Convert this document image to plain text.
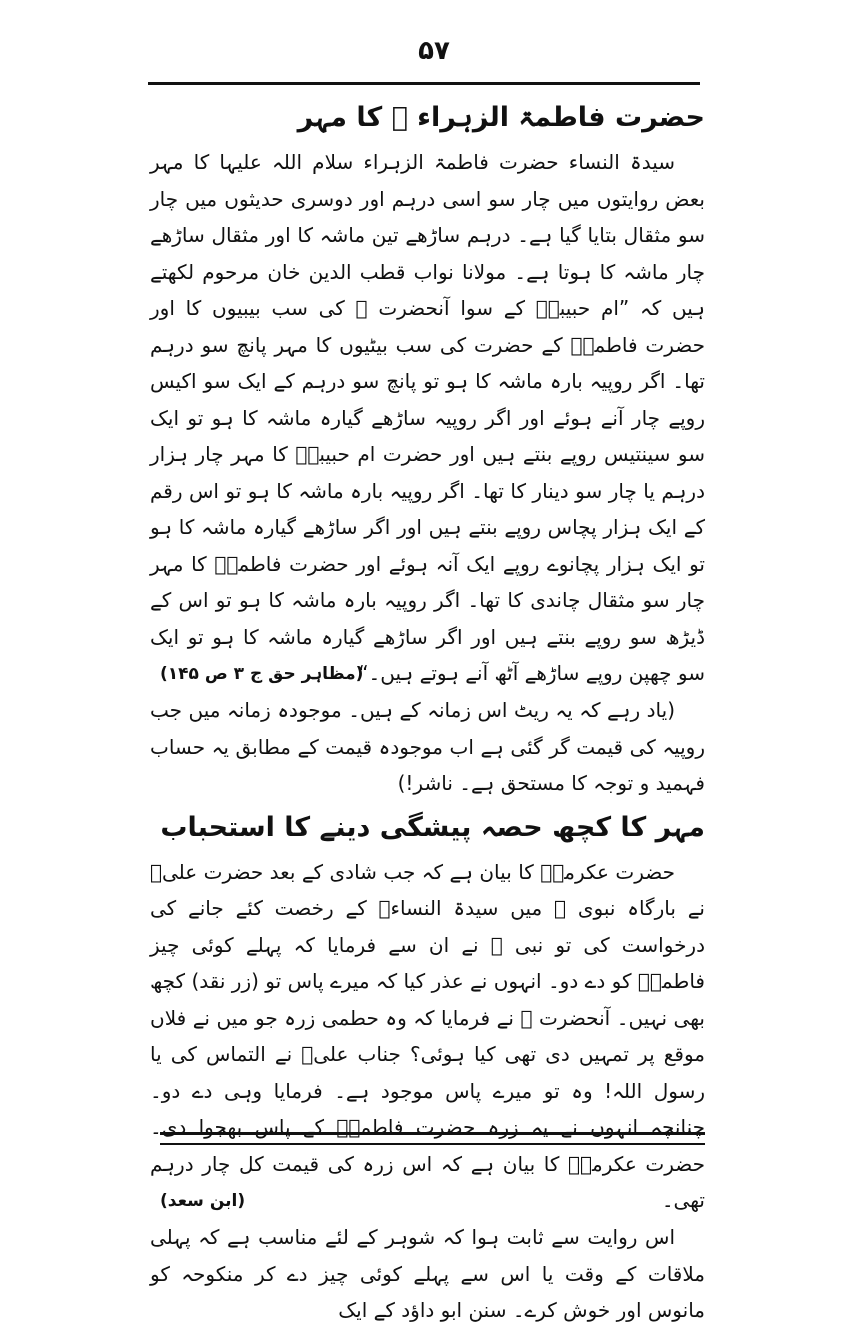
۵۷
حضرت فاطمۃ الزہراء ﷞ کا مہر

سیدۃ النساء حضرت فاطمۃ الزہراء سلام اللہ علیہا کا مہر بعض روایتوں میں چار سو اسی درہم اور دوسری حدیثوں میں چار سو مثقال بتایا گیا ہے۔ درہم ساڑھے تین ماشہ کا اور مثقال ساڑھے چار ماشہ کا ہوتا ہے۔ مولانا نواب قطب الدین خان مرحوم لکھتے ہیں کہ ”ام حبیبہؓ کے سوا آنحضرت ﷺ کی سب بیبیوں کا اور حضرت فاطمہؓ کے حضرت کی سب بیٹیوں کا مہر پانچ سو درہم تھا۔ اگر روپیہ بارہ ماشہ کا ہو تو پانچ سو درہم کے ایک سو اکیس روپے چار آنے ہوئے اور اگر روپیہ ساڑھے گیارہ ماشہ کا ہو تو ایک سو سینتیس روپے بنتے ہیں اور حضرت ام حبیبہؓ کا مہر چار ہزار درہم یا چار سو دینار کا تھا۔ اگر روپیہ بارہ ماشہ کا ہو تو اس رقم کے ایک ہزار پچاس روپے بنتے ہیں اور اگر ساڑھے گیارہ ماشہ کا ہو تو ایک ہزار پچانوے روپے ایک آنہ ہوئے اور حضرت فاطمہؓ کا مہر چار سو مثقال چاندی کا تھا۔ اگر روپیہ بارہ ماشہ کا ہو تو اس کے ڈیڑھ سو روپے بنتے ہیں اور اگر ساڑھے گیارہ ماشہ کا ہو تو ایک سو چھپن روپے ساڑھے آٹھ آنے ہوتے ہیں۔“

(مظاہر حق ج ۳ ص ۱۴۵)

(یاد رہے کہ یہ ریٹ اس زمانہ کے ہیں۔ موجودہ زمانہ میں جب روپیہ کی قیمت گر گئی ہے اب موجودہ قیمت کے مطابق یہ حساب فہمید و توجہ کا مستحق ہے۔ ناشر!)

مہر کا کچھ حصہ پیشگی دینے کا استحباب

حضرت عکرمہؓ کا بیان ہے کہ جب شادی کے بعد حضرت علیؓ نے بارگاہ نبوی ﷺ میں سیدۃ النساءؓ کے رخصت کئے جانے کی درخواست کی تو نبی ﷺ نے ان سے فرمایا کہ پہلے کوئی چیز فاطمہؓ کو دے دو۔ انہوں نے عذر کیا کہ میرے پاس تو (زر نقد) کچھ بھی نہیں۔ آنحضرت ﷺ نے فرمایا کہ وہ حطمی زرہ جو میں نے فلاں موقع پر تمہیں دی تھی کیا ہوئی؟ جناب علیؓ نے التماس کی یا رسول اللہ! وہ تو میرے پاس موجود ہے۔ فرمایا وہی دے دو۔ چنانچہ انہوں نے یہ زرہ حضرت فاطمہؓ کے پاس بھجوا دی۔ حضرت عکرمہؓ کا بیان ہے کہ اس زرہ کی قیمت کل چار درہم تھی۔

(ابن سعد)

اس روایت سے ثابت ہوا کہ شوہر کے لئے مناسب ہے کہ پہلی ملاقات کے وقت یا اس سے پہلے کوئی چیز دے کر منکوحہ کو مانوس اور خوش کرے۔ سنن ابو داؤد کے ایک
